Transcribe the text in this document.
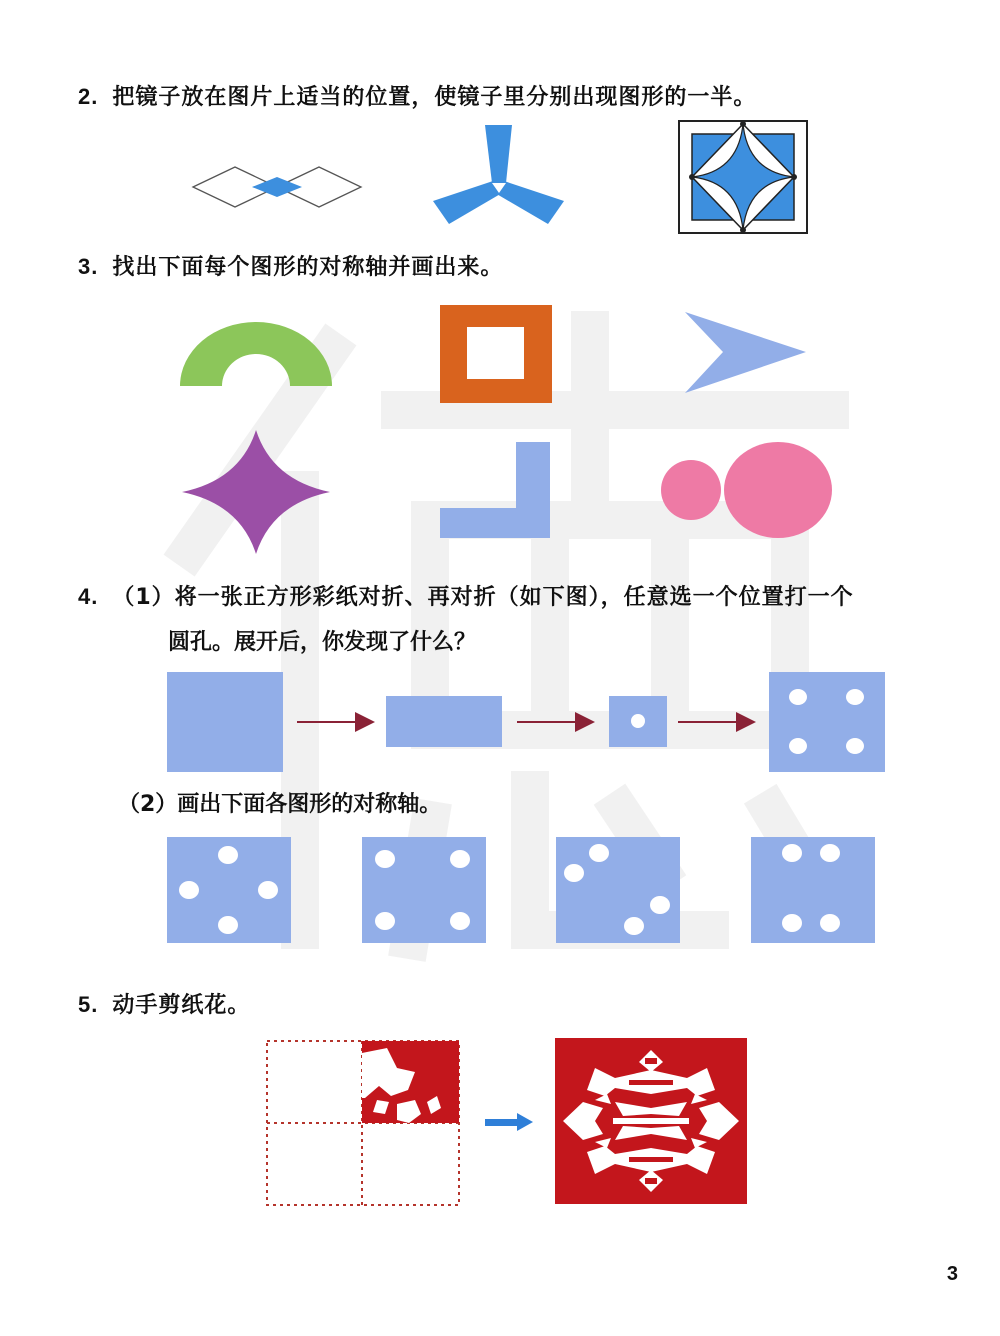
2. 把镜子放在图片上适当的位置，使镜子里分别出现图形的一半。
3. 找出下面每个图形的对称轴并画出来。
4. （1）将一张正方形彩纸对折、再对折（如下图），任意选一个位置打一个
圆孔。展开后，你发现了什么？
（2）画出下面各图形的对称轴。
5. 动手剪纸花。
3
